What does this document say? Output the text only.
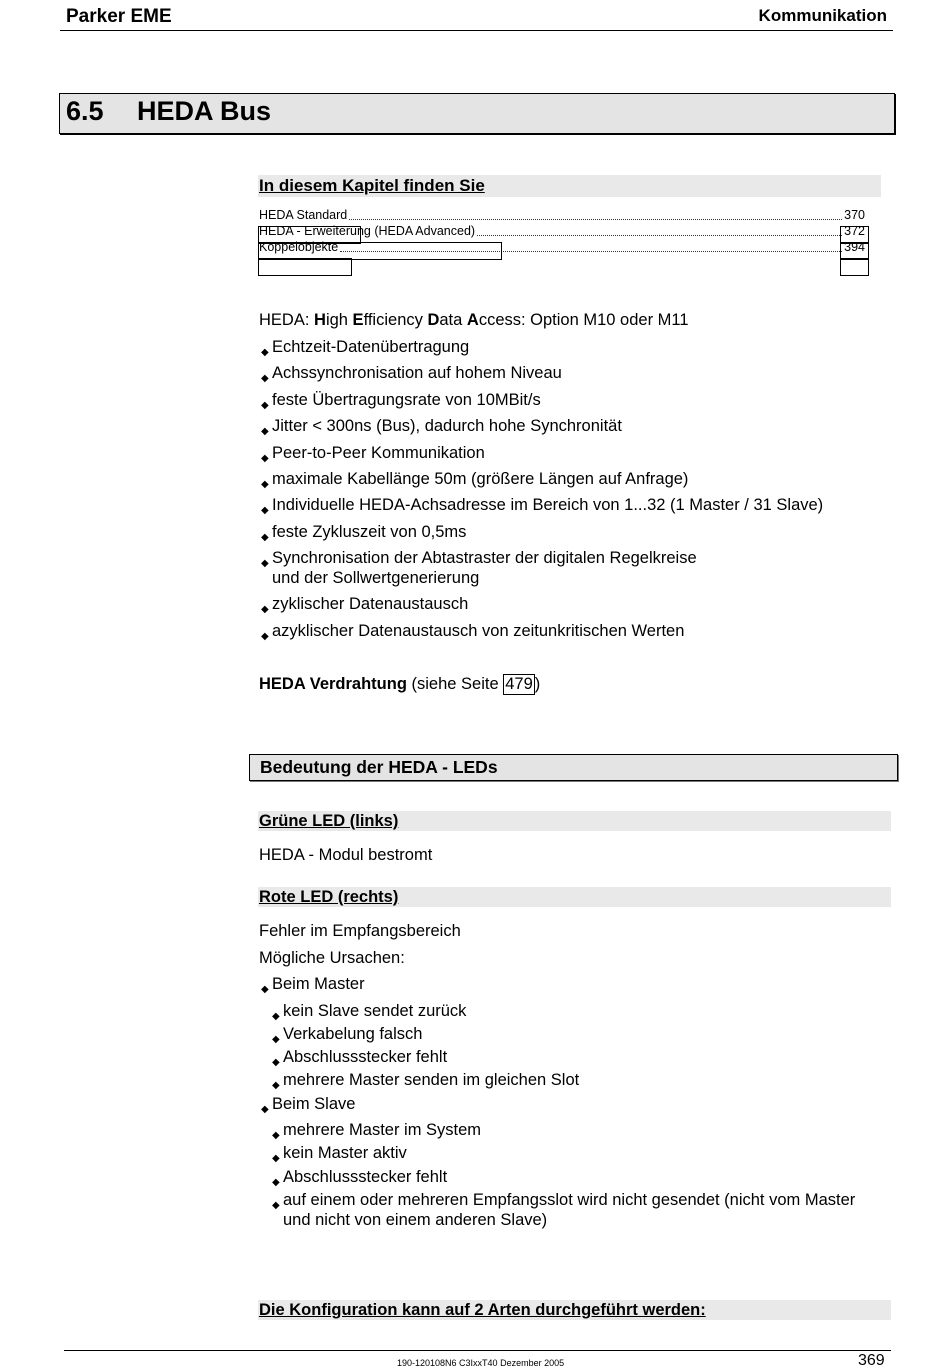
Parker EME	Kommunikation
6.5 HEDA Bus
In diesem Kapitel finden Sie
HEDA Standard	370
HEDA - Erweiterung (HEDA Advanced)	372
Koppelobjekte	394
HEDA: High Efficiency Data Access: Option M10 oder M11
◆ Echtzeit-Datenübertragung
◆ Achssynchronisation auf hohem Niveau
◆ feste Übertragungsrate von 10MBit/s
◆ Jitter < 300ns (Bus), dadurch hohe Synchronität
◆ Peer-to-Peer Kommunikation
◆ maximale Kabellänge 50m (größere Längen auf Anfrage)
◆ Individuelle HEDA-Achsadresse im Bereich von 1...32 (1 Master / 31 Slave)
◆ feste Zykluszeit von 0,5ms
◆ Synchronisation der Abtastraster der digitalen Regelkreise
und der Sollwertgenerierung
◆ zyklischer Datenaustausch
◆ azyklischer Datenaustausch von zeitunkritischen Werten
HEDA Verdrahtung (siehe Seite 479 )
Bedeutung der HEDA - LEDs
Grüne LED (links)
HEDA - Modul bestromt
Rote LED (rechts)
Fehler im Empfangsbereich
Mögliche Ursachen:
◆ Beim Master
◆ kein Slave sendet zurück
◆ Verkabelung falsch
◆ Abschlussstecker fehlt
◆ mehrere Master senden im gleichen Slot
◆ Beim Slave
◆ mehrere Master im System
◆ kein Master aktiv
◆ Abschlussstecker fehlt
◆ auf einem oder mehreren Empfangsslot wird nicht gesendet (nicht vom Master
und nicht von einem anderen Slave)
Die Konfiguration kann auf 2 Arten durchgeführt werden:
190-120108N6 C3IxxT40 Dezember 2005	369
